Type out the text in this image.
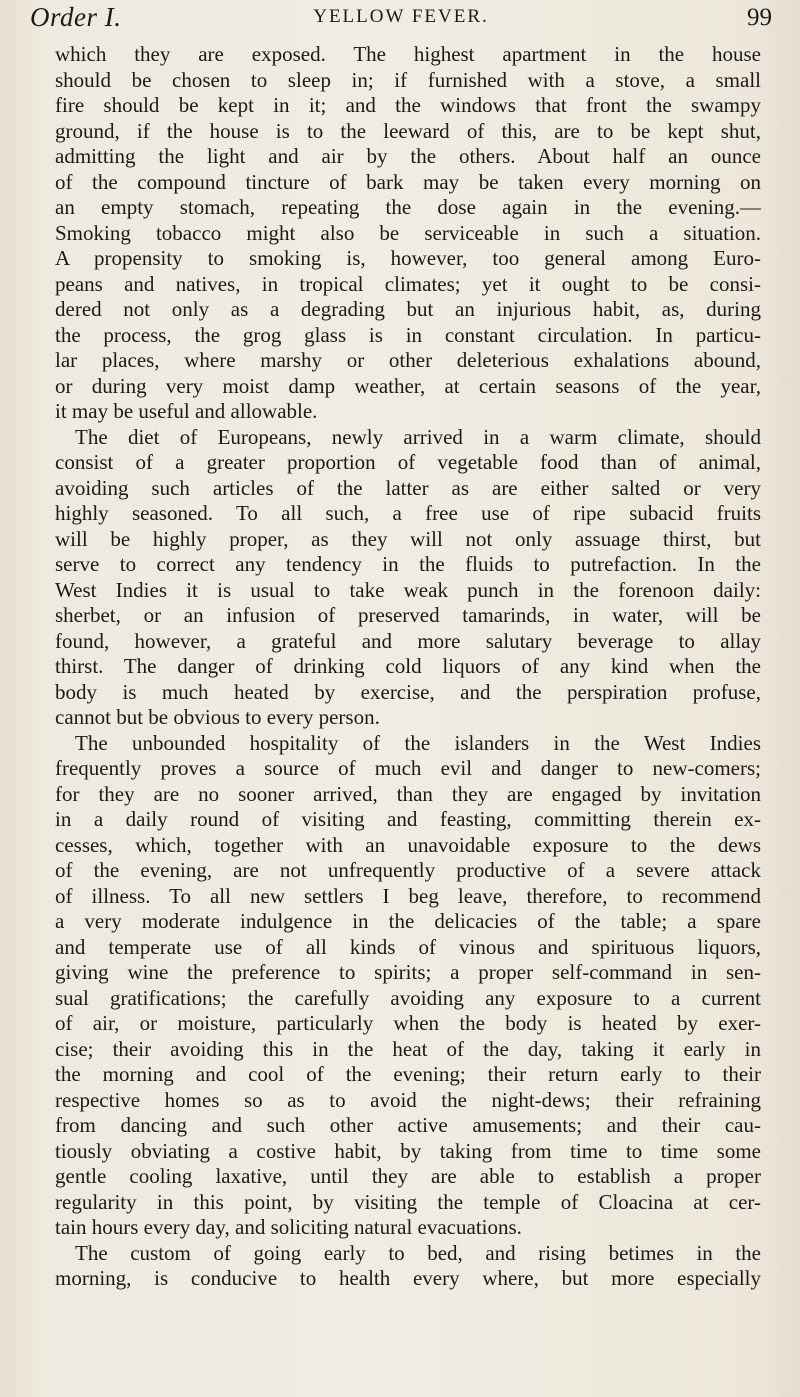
Order I.	YELLOW FEVER.	99
which they are exposed. The highest apartment in the house
should be chosen to sleep in; if furnished with a stove, a small
fire should be kept in it; and the windows that front the swampy
ground, if the house is to the leeward of this, are to be kept shut,
admitting the light and air by the others. About half an ounce
of the compound tincture of bark may be taken every morning on
an empty stomach, repeating the dose again in the evening.—
Smoking tobacco might also be serviceable in such a situation.
A propensity to smoking is, however, too general among Euro-
peans and natives, in tropical climates; yet it ought to be consi-
dered not only as a degrading but an injurious habit, as, during
the process, the grog glass is in constant circulation. In particu-
lar places, where marshy or other deleterious exhalations abound,
or during very moist damp weather, at certain seasons of the year,
it may be useful and allowable.
The diet of Europeans, newly arrived in a warm climate, should
consist of a greater proportion of vegetable food than of animal,
avoiding such articles of the latter as are either salted or very
highly seasoned. To all such, a free use of ripe subacid fruits
will be highly proper, as they will not only assuage thirst, but
serve to correct any tendency in the fluids to putrefaction. In the
West Indies it is usual to take weak punch in the forenoon daily:
sherbet, or an infusion of preserved tamarinds, in water, will be
found, however, a grateful and more salutary beverage to allay
thirst. The danger of drinking cold liquors of any kind when the
body is much heated by exercise, and the perspiration profuse,
cannot but be obvious to every person.
The unbounded hospitality of the islanders in the West Indies
frequently proves a source of much evil and danger to new-comers;
for they are no sooner arrived, than they are engaged by invitation
in a daily round of visiting and feasting, committing therein ex-
cesses, which, together with an unavoidable exposure to the dews
of the evening, are not unfrequently productive of a severe attack
of illness. To all new settlers I beg leave, therefore, to recommend
a very moderate indulgence in the delicacies of the table; a spare
and temperate use of all kinds of vinous and spirituous liquors,
giving wine the preference to spirits; a proper self-command in sen-
sual gratifications; the carefully avoiding any exposure to a current
of air, or moisture, particularly when the body is heated by exer-
cise; their avoiding this in the heat of the day, taking it early in
the morning and cool of the evening; their return early to their
respective homes so as to avoid the night-dews; their refraining
from dancing and such other active amusements; and their cau-
tiously obviating a costive habit, by taking from time to time some
gentle cooling laxative, until they are able to establish a proper
regularity in this point, by visiting the temple of Cloacina at cer-
tain hours every day, and soliciting natural evacuations.
The custom of going early to bed, and rising betimes in the
morning, is conducive to health every where, but more especially
